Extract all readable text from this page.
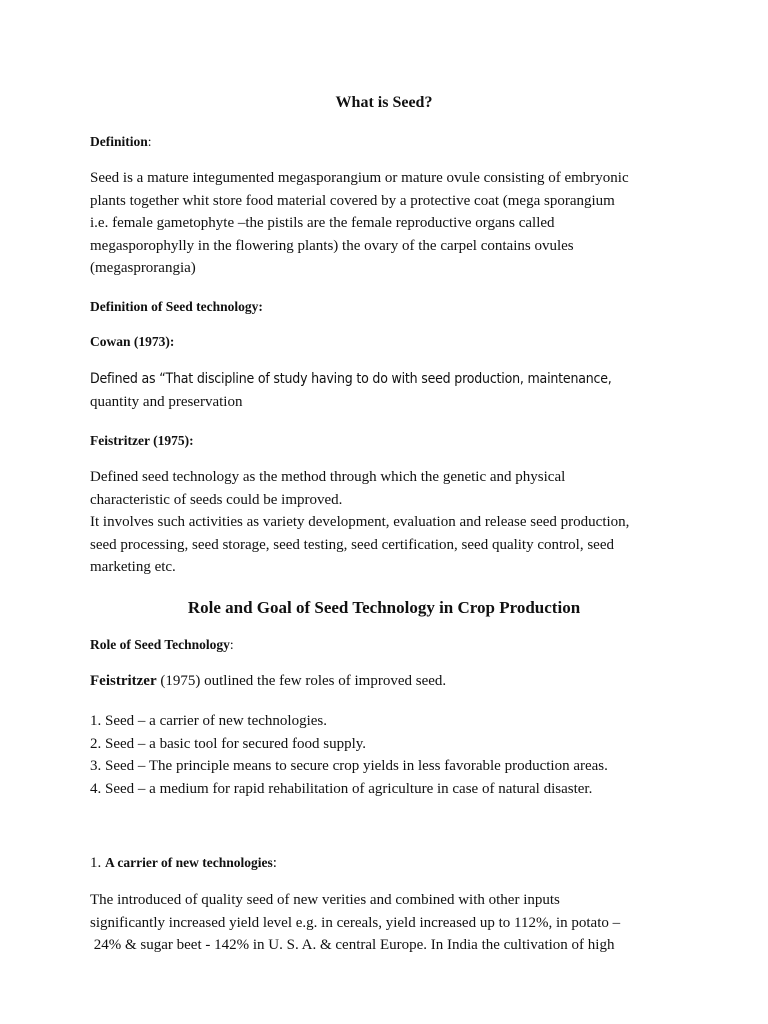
What is Seed?
Definition:
Seed is a mature integumented megasporangium or mature ovule consisting of embryonic
plants together whit store food material covered by a protective coat (mega sporangium
i.e. female gametophyte –the pistils are the female reproductive organs called
megasporophylly in the flowering plants) the ovary of the carpel contains ovules
(megasprorangia)
Definition of Seed technology:
Cowan (1973):
Defined as “That discipline of study having to do with seed production, maintenance,
quantity and preservation
Feistritzer (1975):
Defined seed technology as the method through which the genetic and physical
characteristic of seeds could be improved.
It involves such activities as variety development, evaluation and release seed production,
seed processing, seed storage, seed testing, seed certification, seed quality control, seed
marketing etc.
Role and Goal of Seed Technology in Crop Production
Role of Seed Technology:
Feistritzer (1975) outlined the few roles of improved seed.
1. Seed – a carrier of new technologies.
2. Seed – a basic tool for secured food supply.
3. Seed – The principle means to secure crop yields in less favorable production areas.
4. Seed – a medium for rapid rehabilitation of agriculture in case of natural disaster.
1. A carrier of new technologies:
The introduced of quality seed of new verities and combined with other inputs
significantly increased yield level e.g. in cereals, yield increased up to 112%, in potato –
24% & sugar beet - 142% in U. S. A. & central Europe. In India the cultivation of high
